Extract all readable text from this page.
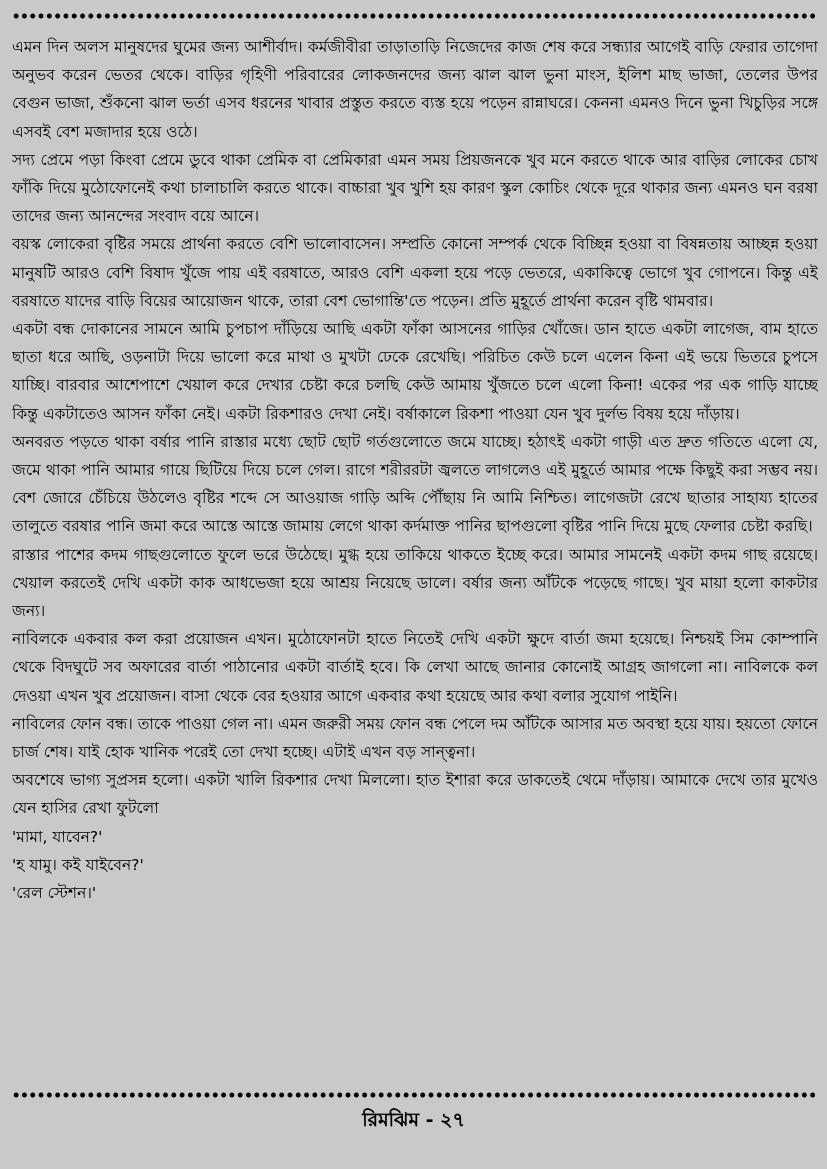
এমন দিন অলস মানুষদের ঘুমের জন্য আশীর্বাদ। কর্মজীবীরা তাড়াতাড়ি নিজেদের কাজ শেষ করে সন্ধ্যার আগেই বাড়ি ফেরার তাগেদা অনুভব করেন ভেতর থেকে। বাড়ির গৃহিণী পরিবারের লোকজনদের জন্য ঝাল ঝাল ভুনা মাংস, ইলিশ মাছ ভাজা, তেলের উপর বেগুন ভাজা, শুঁকনো ঝাল ভর্তা এসব ধরনের খাবার প্রস্তুত করতে ব্যস্ত হয়ে পড়েন রান্নাঘরে। কেননা এমনও দিনে ভুনা খিচুড়ির সঙ্গে এসবই বেশ মজাদার হয়ে ওঠে।

সদ্য প্রেমে পড়া কিংবা প্রেমে ডুবে থাকা প্রেমিক বা প্রেমিকারা এমন সময় প্রিয়জনকে খুব মনে করতে থাকে আর বাড়ির লোকের চোখ ফাঁকি দিয়ে মুঠোফোনেই কথা চালাচালি করতে থাকে। বাচ্চারা খুব খুশি হয় কারণ স্কুল কোচিং থেকে দূরে থাকার জন্য এমনও ঘন বরষা তাদের জন্য আনন্দের সংবাদ বয়ে আনে।

বয়স্ক লোকেরা বৃষ্টির সময়ে প্রার্থনা করতে বেশি ভালোবাসেন। সম্প্রতি কোনো সম্পর্ক থেকে বিচ্ছিন্ন হওয়া বা বিষন্নতায় আচ্ছন্ন হওয়া মানুষটি আরও বেশি বিষাদ খুঁজে পায় এই বরষাতে, আরও বেশি একলা হয়ে পড়ে ভেতরে, একাকিত্বে ভোগে খুব গোপনে। কিন্তু এই বরষাতে যাদের বাড়ি বিয়ের আয়োজন থাকে, তারা বেশ ভোগান্তি'তে পড়েন। প্রতি মুহূর্তে প্রার্থনা করেন বৃষ্টি থামবার।

একটা বন্ধ দোকানের সামনে আমি চুপচাপ দাঁড়িয়ে আছি একটা ফাঁকা আসনের গাড়ির খোঁজে। ডান হাতে একটা লাগেজ, বাম হাতে ছাতা ধরে আছি, ওড়নাটা দিয়ে ভালো করে মাথা ও মুখটা ঢেকে রেখেছি। পরিচিত কেউ চলে এলেন কিনা এই ভয়ে ভিতরে চুপসে যাচ্ছি। বারবার আশেপাশে খেয়াল করে দেখার চেষ্টা করে চলছি কেউ আমায় খুঁজতে চলে এলো কিনা! একের পর এক গাড়ি যাচ্ছে কিন্তু একটাতেও আসন ফাঁকা নেই। একটা রিকশারও দেখা নেই। বর্ষাকালে রিকশা পাওয়া যেন খুব দুর্লভ বিষয় হয়ে দাঁড়ায়।

অনবরত পড়তে থাকা বর্ষার পানি রাস্তার মধ্যে ছোট ছোট গর্তগুলোতে জমে যাচ্ছে। হঠাৎই একটা গাড়ী এত দ্রুত গতিতে এলো যে, জমে থাকা পানি আমার গায়ে ছিটিয়ে দিয়ে চলে গেল। রাগে শরীররটা জ্বলতে লাগলেও এই মুহূর্তে আমার পক্ষে কিছুই করা সম্ভব নয়। বেশ জোরে চেঁচিয়ে উঠলেও বৃষ্টির শব্দে সে আওয়াজ গাড়ি অব্দি পৌঁছায় নি আমি নিশ্চিত। লাগেজটা রেখে ছাতার সাহায্য হাতের তালুতে বরষার পানি জমা করে আস্তে আস্তে জামায় লেগে থাকা কর্দমাক্ত পানির ছাপগুলো বৃষ্টির পানি দিয়ে মুছে ফেলার চেষ্টা করছি।

রাস্তার পাশের কদম গাছগুলোতে ফুলে ভরে উঠেছে। মুগ্ধ হয়ে তাকিয়ে থাকতে ইচ্ছে করে। আমার সামনেই একটা কদম গাছ রয়েছে। খেয়াল করতেই দেখি একটা কাক আধভেজা হয়ে আশ্রয় নিয়েছে ডালে। বর্ষার জন্য আঁটকে পড়েছে গাছে। খুব মায়া হলো কাকটার জন্য।

নাবিলকে একবার কল করা প্রয়োজন এখন। মুঠোফোনটা হাতে নিতেই দেখি একটা ক্ষুদে বার্তা জমা হয়েছে। নিশ্চয়ই সিম কোম্পানি থেকে বিদঘুটে সব অফারের বার্তা পাঠানোর একটা বার্তাই হবে। কি লেখা আছে জানার কোনোই আগ্রহ জাগলো না। নাবিলকে কল দেওয়া এখন খুব প্রয়োজন। বাসা থেকে বের হওয়ার আগে একবার কথা হয়েছে আর কথা বলার সুযোগ পাইনি।

নাবিলের ফোন বন্ধ। তাকে পাওয়া গেল না। এমন জরুরী সময় ফোন বন্ধ পেলে দম আঁটকে আসার মত অবস্থা হয়ে যায়। হয়তো ফোনে চার্জ শেষ। যাই হোক খানিক পরেই তো দেখা হচ্ছে। এটাই এখন বড় সান্ত্বনা।

অবশেষে ভাগ্য সুপ্রসন্ন হলো। একটা খালি রিকশার দেখা মিললো। হাত ইশারা করে ডাকতেই থেমে দাঁড়ায়। আমাকে দেখে তার মুখেও যেন হাসির রেখা ফুটলো

'মামা, যাবেন?'

'হ যামু। কই যাইবেন?'

'রেল স্টেশন।'

রিমঝিম - ২৭
